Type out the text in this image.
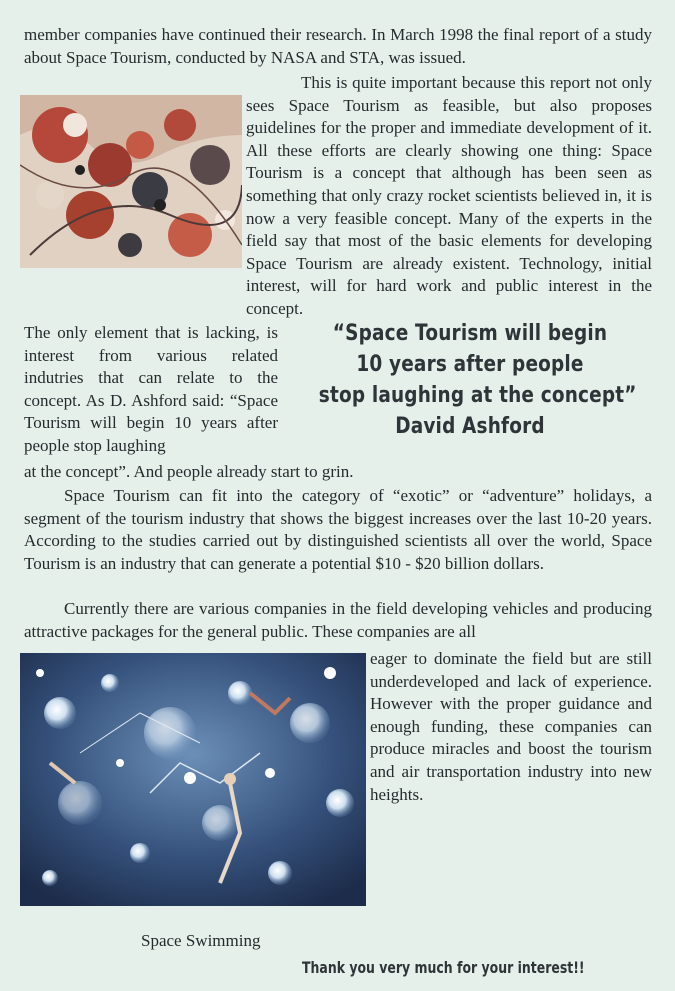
member companies have continued their research. In March 1998 the final report of a study about Space Tourism, conducted by NASA and STA, was issued.

This is quite important because this report not only sees Space Tourism as feasible, but also proposes guidelines for the proper and immediate development of it. All these efforts are clearly showing one thing: Space Tourism is a concept that although has been seen as something that only crazy rocket scientists believed in, it is now a very feasible concept. Many of the experts in the field say that most of the basic elements for developing Space Tourism are already existent. Technology, initial interest, will for hard work and public interest in the concept.

The only element that is lacking, is interest from various related indutries that can relate to the concept. As D. Ashford said: “Space Tourism will begin 10 years after people stop laughing

“Space Tourism will begin
10 years after people
stop laughing at the concept”
David Ashford

at the concept”. And people already start to grin.

Space Tourism can fit into the category of “exotic” or “adventure” holidays, a segment of the tourism industry that shows the biggest increases over the last 10-20 years. According to the studies carried out by distinguished scientists all over the world, Space Tourism is an industry that can generate a potential $10 - $20 billion dollars.

Currently there are various companies in the field developing vehicles and producing attractive packages for the general public. These companies are all

eager to dominate the field but are still underdeveloped and lack of experience. However with the proper guidance and enough funding, these companies can produce miracles and boost the tourism and air transportation industry into new heights.

Space Swimming
Thank you very much for your interest!!
